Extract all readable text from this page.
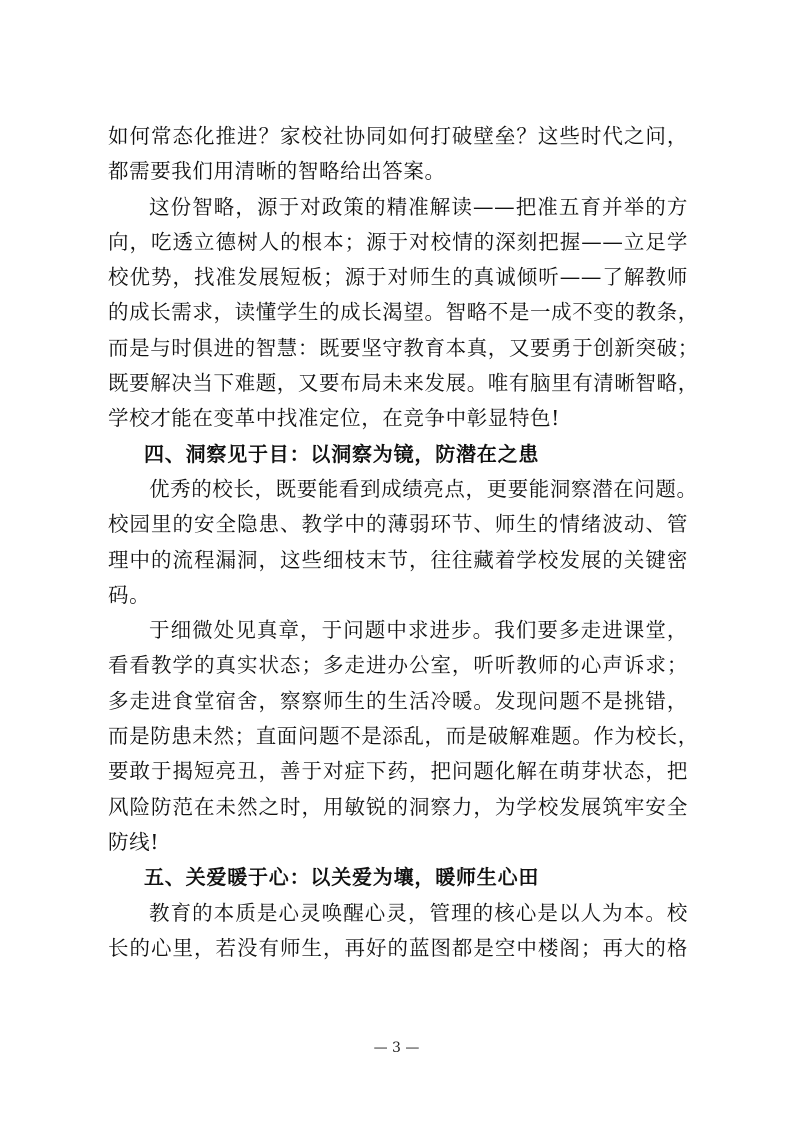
如何常态化推进？家校社协同如何打破壁垒？这些时代之问，
都需要我们用清晰的智略给出答案。
这份智略，源于对政策的精准解读——把准五育并举的方
向，吃透立德树人的根本；源于对校情的深刻把握——立足学
校优势，找准发展短板；源于对师生的真诚倾听——了解教师
的成长需求，读懂学生的成长渴望。智略不是一成不变的教条，
而是与时俱进的智慧：既要坚守教育本真，又要勇于创新突破；
既要解决当下难题，又要布局未来发展。唯有脑里有清晰智略，
学校才能在变革中找准定位，在竞争中彰显特色!
四、洞察见于目：以洞察为镜，防潜在之患
优秀的校长，既要能看到成绩亮点，更要能洞察潜在问题。
校园里的安全隐患、教学中的薄弱环节、师生的情绪波动、管
理中的流程漏洞，这些细枝末节，往往藏着学校发展的关键密
码。
于细微处见真章，于问题中求进步。我们要多走进课堂，
看看教学的真实状态；多走进办公室，听听教师的心声诉求；
多走进食堂宿舍，察察师生的生活冷暖。发现问题不是挑错，
而是防患未然；直面问题不是添乱，而是破解难题。作为校长，
要敢于揭短亮丑，善于对症下药，把问题化解在萌芽状态，把
风险防范在未然之时，用敏锐的洞察力，为学校发展筑牢安全
防线!
五、关爱暖于心：以关爱为壤，暖师生心田
教育的本质是心灵唤醒心灵，管理的核心是以人为本。校
长的心里，若没有师生，再好的蓝图都是空中楼阁；再大的格
— 3 —
